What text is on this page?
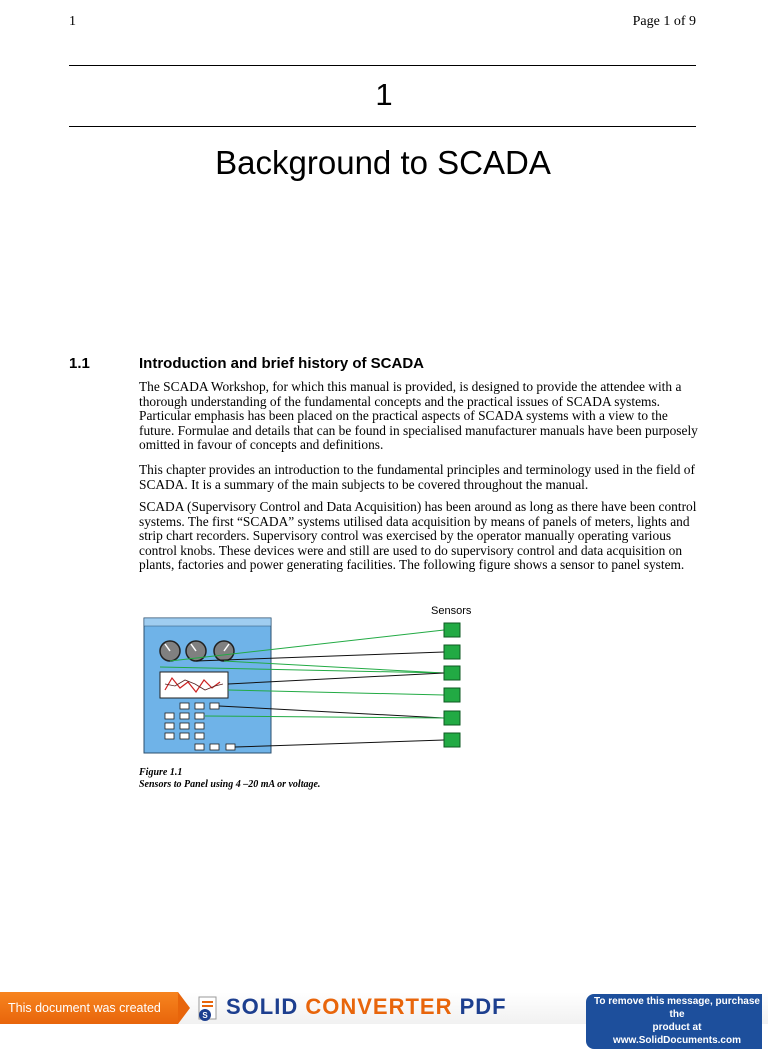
1	Page 1 of 9
1
Background to SCADA
1.1	Introduction and brief history of SCADA

The SCADA Workshop, for which this manual is provided, is designed to provide the attendee with a thorough understanding of the fundamental concepts and the practical issues of SCADA systems. Particular emphasis has been placed on the practical aspects of SCADA systems with a view to the future. Formulae and details that can be found in specialised manufacturer manuals have been purposely omitted in favour of concepts and definitions.

This chapter provides an introduction to the fundamental principles and terminology used in the field of SCADA. It is a summary of the main subjects to be covered throughout the manual.

SCADA (Supervisory Control and Data Acquisition) has been around as long as there have been control systems. The first “SCADA” systems utilised data acquisition by means of panels of meters, lights and strip chart recorders. Supervisory control was exercised by the operator manually operating various control knobs. These devices were and still are used to do supervisory control and data acquisition on plants, factories and power generating facilities. The following figure shows a sensor to panel system.

Sensors
Figure 1.1
Sensors to Panel using 4 –20 mA or voltage.
This document was created using
S SOLID CONVERTER PDF	To remove this message, purchase the
product at www.SolidDocuments.com
